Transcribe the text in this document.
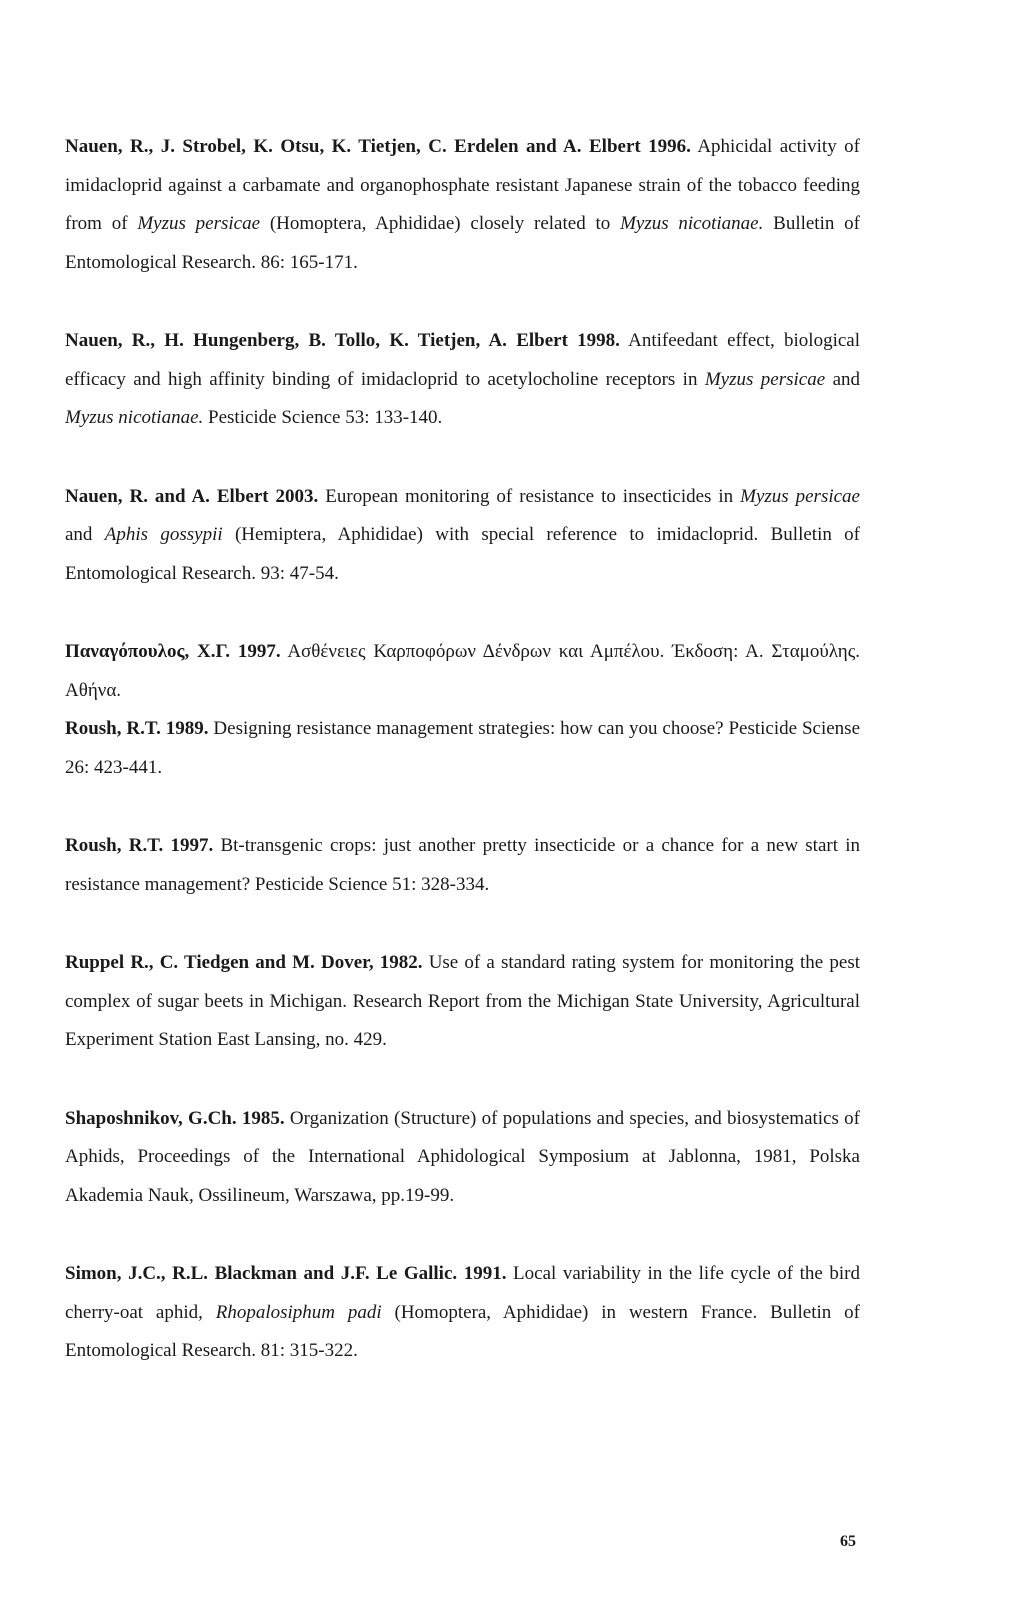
Nauen, R., J. Strobel, K. Otsu, K. Tietjen, C. Erdelen and A. Elbert 1996. Aphicidal activity of imidacloprid against a carbamate and organophosphate resistant Japanese strain of the tobacco feeding from of Myzus persicae (Homoptera, Aphididae) closely related to Myzus nicotianae. Bulletin of Entomological Research. 86: 165-171.

Nauen, R., H. Hungenberg, B. Tollo, K. Tietjen, A. Elbert 1998. Antifeedant effect, biological efficacy and high affinity binding of imidacloprid to acetylocholine receptors in Myzus persicae and Myzus nicotianae. Pesticide Science 53: 133-140.

Nauen, R. and A. Elbert 2003. European monitoring of resistance to insecticides in Myzus persicae and Aphis gossypii (Hemiptera, Aphididae) with special reference to imidacloprid. Bulletin of Entomological Research. 93: 47-54.

Παναγόπουλος, Χ.Γ. 1997. Ασθένειες Καρποφόρων Δένδρων και Αμπέλου. Έκδοση: Α. Σταμούλης. Αθήνα.

Roush, R.T. 1989. Designing resistance management strategies: how can you choose? Pesticide Sciense 26: 423-441.

Roush, R.T. 1997. Bt-transgenic crops: just another pretty insecticide or a chance for a new start in resistance management? Pesticide Science 51: 328-334.

Ruppel R., C. Tiedgen and M. Dover, 1982. Use of a standard rating system for monitoring the pest complex of sugar beets in Michigan. Research Report from the Michigan State University, Agricultural Experiment Station East Lansing, no. 429.

Shaposhnikov, G.Ch. 1985. Organization (Structure) of populations and species, and biosystematics of Aphids, Proceedings of the International Aphidological Symposium at Jablonna, 1981, Polska Akademia Nauk, Ossilineum, Warszawa, pp.19-99.

Simon, J.C., R.L. Blackman and J.F. Le Gallic. 1991. Local variability in the life cycle of the bird cherry-oat aphid, Rhopalosiphum padi (Homoptera, Aphididae) in western France. Bulletin of Entomological Research. 81: 315-322.

65
